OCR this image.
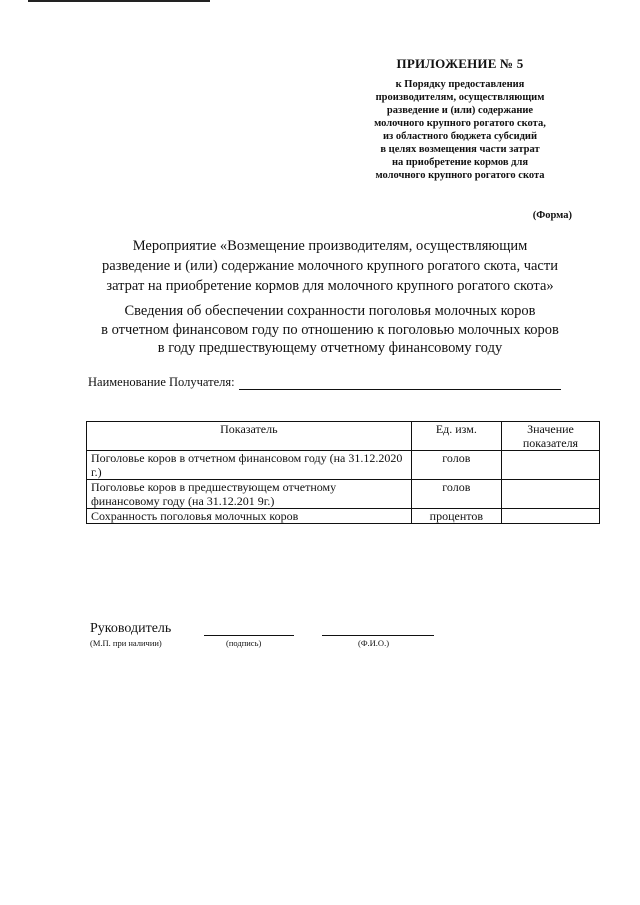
ПРИЛОЖЕНИЕ № 5
к Порядку предоставления
производителям, осуществляющим
разведение и (или) содержание
молочного крупного рогатого скота,
из областного бюджета субсидий
в целях возмещения части затрат
на приобретение кормов для
молочного крупного рогатого скота
(Форма)
Мероприятие «Возмещение производителям, осуществляющим
разведение и (или) содержание молочного крупного рогатого скота, части
затрат на приобретение кормов для молочного крупного рогатого скота»
Сведения об обеспечении сохранности поголовья молочных коров
в отчетном финансовом году по отношению к поголовью молочных коров
в году предшествующему отчетному финансовому году
Наименование Получателя:
Показатель	Ед. изм.	Значение показателя
Поголовье коров в отчетном финансовом году (на 31.12.2020 г.)	голов	
Поголовье коров в предшествующем отчетному финансовому году (на 31.12.201 9г.)	голов	
Сохранность поголовья молочных коров	процентов	
Руководитель
(М.П. при наличии)	(подпись)	(Ф.И.О.)
